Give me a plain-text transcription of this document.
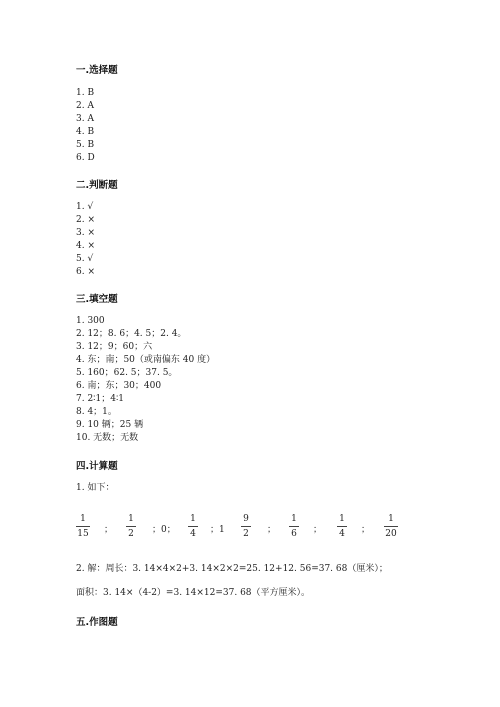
一.选择题
1. B
2. A
3. A
4. B
5. B
6. D
二.判断题
1. √
2. ×
3. ×
4. ×
5. √
6. ×
三.填空题
1. 300
2. 12；8. 6；4. 5；2. 4。
3. 12；9；60；六
4. 东；南；50（或南偏东 40 度）
5. 160；62. 5；37. 5。
6. 南；东；30；400
7. 2∶1；4∶1
8. 4；1。
9. 10 辆；25 辆
10. 无数；无数
四.计算题
1. 如下：
1
15 ；
1
2 ；0；
1
4 ；1
9
2 ；
1
6 ；
1
4 ；
1
20
2. 解：周长：3. 14×4×2+3. 14×2×2=25. 12+12. 56=37. 68（厘米）；
面积：3. 14×（4-2）=3. 14×12=37. 68（平方厘米）。
五.作图题
